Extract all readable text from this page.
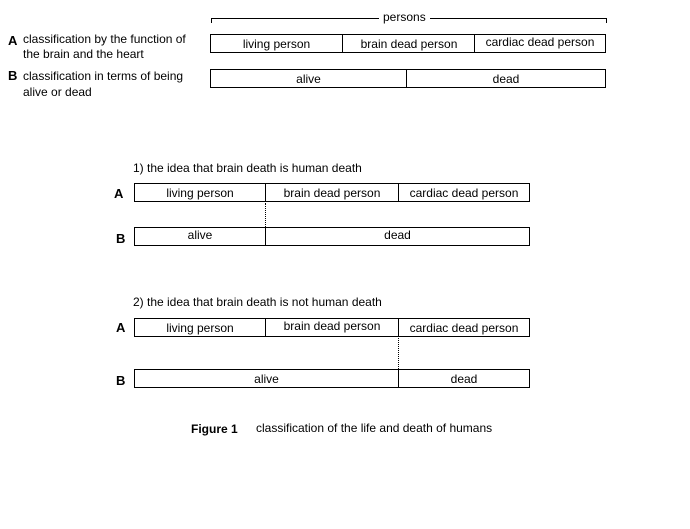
persons
A classification by the function of
the brain and the heart
living person	brain dead person	cardiac dead person
B classification in terms of being
alive or dead
alive	dead
1) the idea that brain death is human death
A	living person	brain dead person	cardiac dead person
B	alive	dead
2) the idea that brain death is not human death
A	living person	brain dead person	cardiac dead person
B	alive	dead
Figure 1 classification of the life and death of humans
